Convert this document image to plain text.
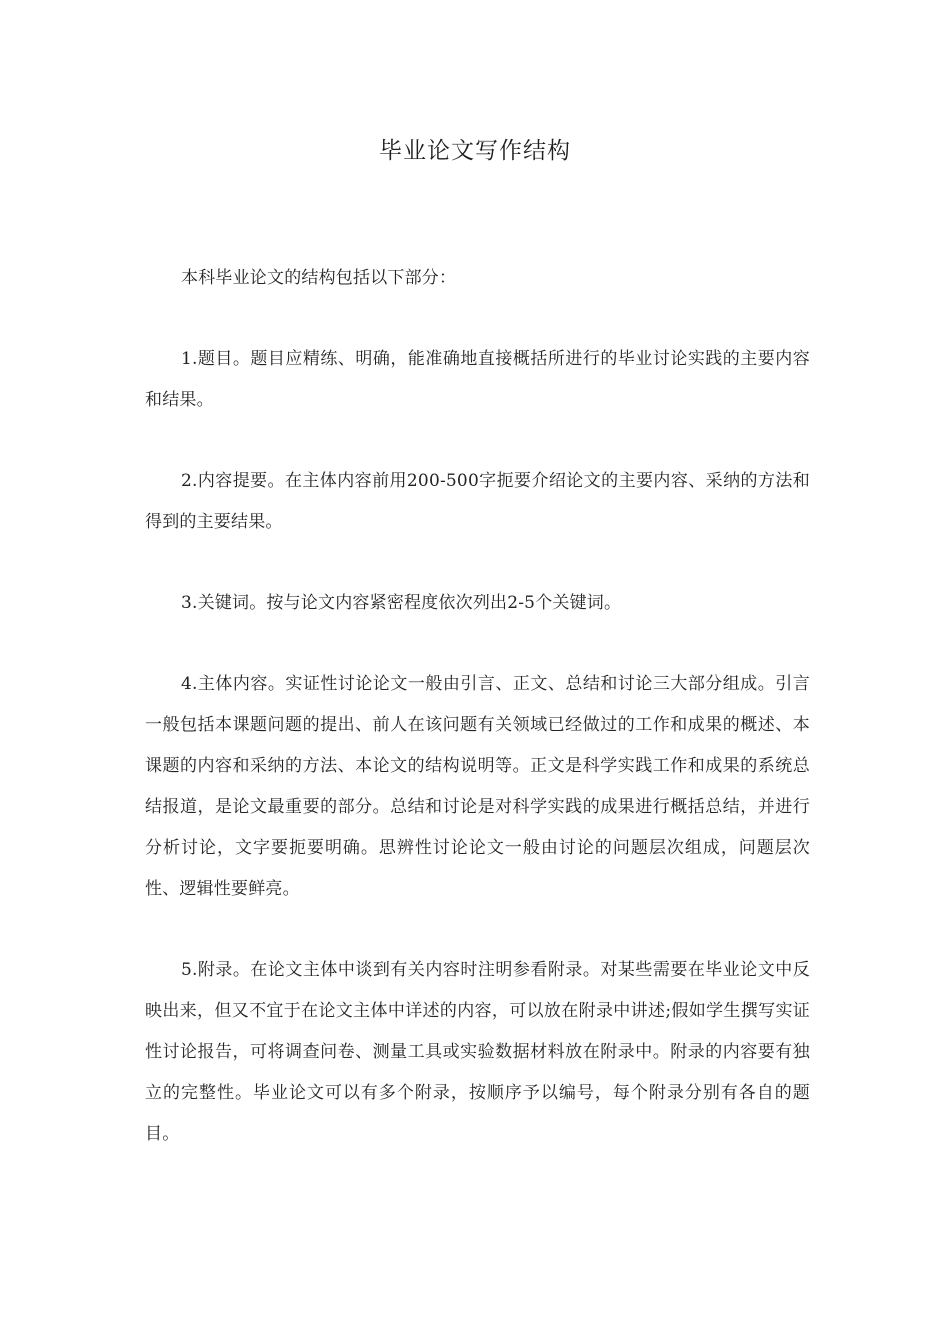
毕业论文写作结构

本科毕业论文的结构包括以下部分：

1.题目。题目应精练、明确，能准确地直接概括所进行的毕业讨论实践的主要内容和结果。

2.内容提要。在主体内容前用200-500字扼要介绍论文的主要内容、采纳的方法和得到的主要结果。

3.关键词。按与论文内容紧密程度依次列出2-5个关键词。

4.主体内容。实证性讨论论文一般由引言、正文、总结和讨论三大部分组成。引言一般包括本课题问题的提出、前人在该问题有关领域已经做过的工作和成果的概述、本课题的内容和采纳的方法、本论文的结构说明等。正文是科学实践工作和成果的系统总结报道，是论文最重要的部分。总结和讨论是对科学实践的成果进行概括总结，并进行分析讨论，文字要扼要明确。思辨性讨论论文一般由讨论的问题层次组成，问题层次性、逻辑性要鲜亮。

5.附录。在论文主体中谈到有关内容时注明参看附录。对某些需要在毕业论文中反映出来，但又不宜于在论文主体中详述的内容，可以放在附录中讲述;假如学生撰写实证性讨论报告，可将调查问卷、测量工具或实验数据材料放在附录中。附录的内容要有独立的完整性。毕业论文可以有多个附录，按顺序予以编号，每个附录分别有各自的题目。
